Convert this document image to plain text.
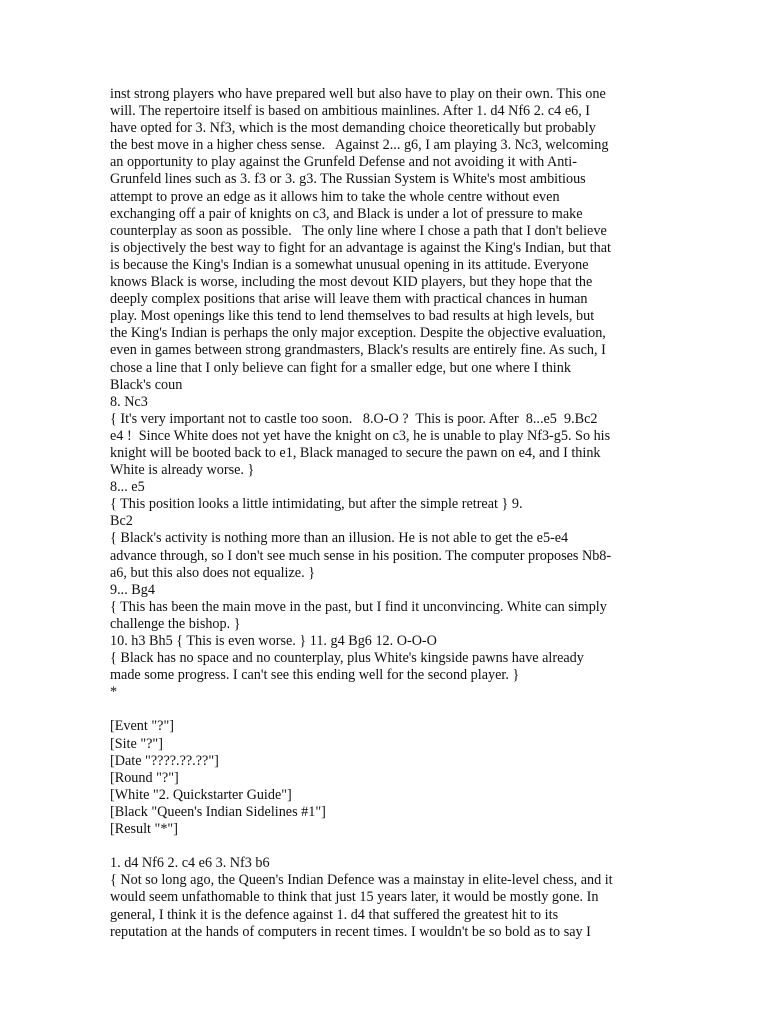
inst strong players who have prepared well but also have to play on their own. This one
will. The repertoire itself is based on ambitious mainlines. After 1. d4 Nf6 2. c4 e6, I
have opted for 3. Nf3, which is the most demanding choice theoretically but probably
the best move in a higher chess sense.   Against 2... g6, I am playing 3. Nc3, welcoming
an opportunity to play against the Grunfeld Defense and not avoiding it with Anti-
Grunfeld lines such as 3. f3 or 3. g3. The Russian System is White's most ambitious
attempt to prove an edge as it allows him to take the whole centre without even
exchanging off a pair of knights on c3, and Black is under a lot of pressure to make
counterplay as soon as possible.   The only line where I chose a path that I don't believe
is objectively the best way to fight for an advantage is against the King's Indian, but that
is because the King's Indian is a somewhat unusual opening in its attitude. Everyone
knows Black is worse, including the most devout KID players, but they hope that the
deeply complex positions that arise will leave them with practical chances in human
play. Most openings like this tend to lend themselves to bad results at high levels, but
the King's Indian is perhaps the only major exception. Despite the objective evaluation,
even in games between strong grandmasters, Black's results are entirely fine. As such, I
chose a line that I only believe can fight for a smaller edge, but one where I think
Black's coun
8. Nc3
{ It's very important not to castle too soon.   8.O-O ?  This is poor. After  8...e5  9.Bc2
e4 !  Since White does not yet have the knight on c3, he is unable to play Nf3-g5. So his
knight will be booted back to e1, Black managed to secure the pawn on e4, and I think
White is already worse. }
8... e5
{ This position looks a little intimidating, but after the simple retreat } 9.
Bc2
{ Black's activity is nothing more than an illusion. He is not able to get the e5-e4
advance through, so I don't see much sense in his position. The computer proposes Nb8-
a6, but this also does not equalize. }
9... Bg4
{ This has been the main move in the past, but I find it unconvincing. White can simply
challenge the bishop. }
10. h3 Bh5 { This is even worse. } 11. g4 Bg6 12. O-O-O
{ Black has no space and no counterplay, plus White's kingside pawns have already
made some progress. I can't see this ending well for the second player. }
*
[Event "?"]
[Site "?"]
[Date "????.??.??"]
[Round "?"]
[White "2. Quickstarter Guide"]
[Black "Queen's Indian Sidelines #1"]
[Result "*"]
1. d4 Nf6 2. c4 e6 3. Nf3 b6
{ Not so long ago, the Queen's Indian Defence was a mainstay in elite-level chess, and it
would seem unfathomable to think that just 15 years later, it would be mostly gone. In
general, I think it is the defence against 1. d4 that suffered the greatest hit to its
reputation at the hands of computers in recent times. I wouldn't be so bold as to say I
